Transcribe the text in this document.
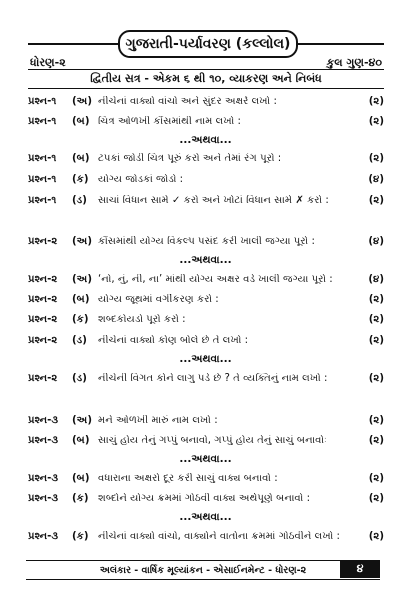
ગુજરાતી-પર્યાવરણ (કલ્લોલ)
ધોરણ-૨	કુલ ગુણ-૪૦
દ્વિતીય સત્ર - એકમ ૬ થી ૧૦, વ્યાકરણ અને નિબંધ
પ્રશ્ન-૧	(અ) નીચેનાં વાક્યો વાંચો અને સુંદર અક્ષરે લખો :	(૨)
પ્રશ્ન-૧	(બ) ચિત્ર ઓળખી કૌંસમાંથી નામ લખો :	(૨)
...અથવા...
પ્રશ્ન-૧	(બ) ટપકાં જોડી ચિત્ર પૂરું કરો અને તેમાં રંગ પૂરો :	(૨)
પ્રશ્ન-૧	(ક) યોગ્ય જોડકાં જોડો :	(૪)
પ્રશ્ન-૧	(ડ)	સાચાં વિધાન સામે ✓ કરો અને ખોટાં વિધાન સામે ✗ કરો :	(૨)
પ્રશ્ન-૨	(અ) કૌંસમાંથી યોગ્ય વિકલ્પ પસંદ કરી ખાલી જગ્યા પૂરો :	(૪)
...અથવા...
પ્રશ્ન-૨	(અ) ‘નો, નું, ની, ના’ માંથી યોગ્ય અક્ષર વડે ખાલી જગ્યા પૂરો :	(૪)
પ્રશ્ન-૨	(બ) યોગ્ય જૂથમાં વર્ગીકરણ કરો :	(૨)
પ્રશ્ન-૨	(ક) શબ્દકોયડો પૂરો કરો :	(૨)
પ્રશ્ન-૨	(ડ)	નીચેનાં વાક્યો કોણ બોલે છે તે લખો :	(૨)
...અથવા...
પ્રશ્ન-૨	(ડ)	નીચેની વિગત કોને લાગુ પડે છે ? તે વ્યક્તિનું નામ લખો :	(૨)
પ્રશ્ન-૩	(અ) મને ઓળખી મારું નામ લખો :	(૨)
પ્રશ્ન-૩	(બ) સાચું હોય તેનું ગપ્પું બનાવો, ગપ્પું હોય તેનું સાચું બનાવોઃ	(૨)
...અથવા...
પ્રશ્ન-૩	(બ) વધારાના અક્ષરો દૂર કરી સાચું વાક્ય બનાવો :	(૨)
પ્રશ્ન-૩	(ક) શબ્દોને યોગ્ય ક્રમમાં ગોઠવી વાક્ય અર્થપૂર્ણ બનાવો :	(૨)
...અથવા...
પ્રશ્ન-૩	(ક) નીચેનાં વાક્યો વાંચો, વાક્યોને વાર્તાના ક્રમમાં ગોઠવીને લખો :	(૨)
અલંકાર - વાર્ષિક મૂલ્યાંકન - એસાઈનમેન્ટ - ધોરણ-૨	૪
